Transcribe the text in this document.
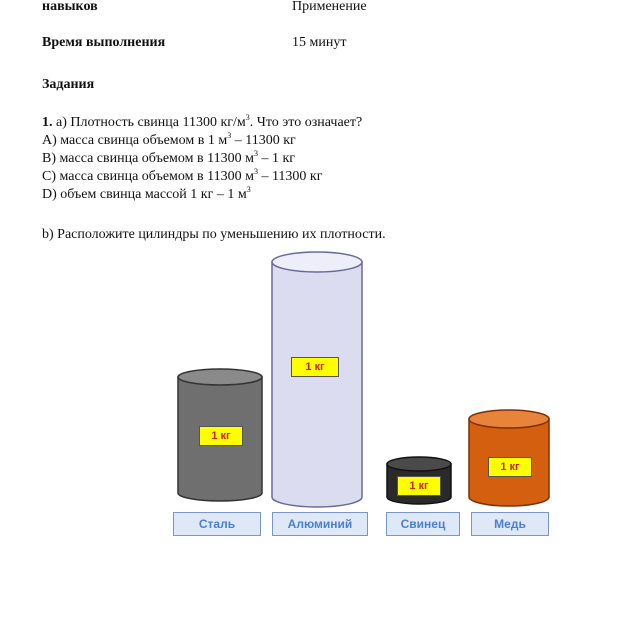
навыков	Применение
Время выполнения	15 минут
Задания
1. a) Плотность свинца 11300 $кг/м^3$. Что это означает?
A) масса свинца объемом в 1 $м^3 - 11300$ кг
B) масса свинца объемом в 11300 $м^3 - 1$ кг
C) масса свинца объемом в 11300 $м^3 - 11300$ кг
D) объем свинца массой 1 кг – 1 $м^3$
b) Расположите цилиндры по уменьшению их плотности.
1 кг
1 кг
1 кг
1 кг
Сталь	Алюминий	Свинец	Медь
